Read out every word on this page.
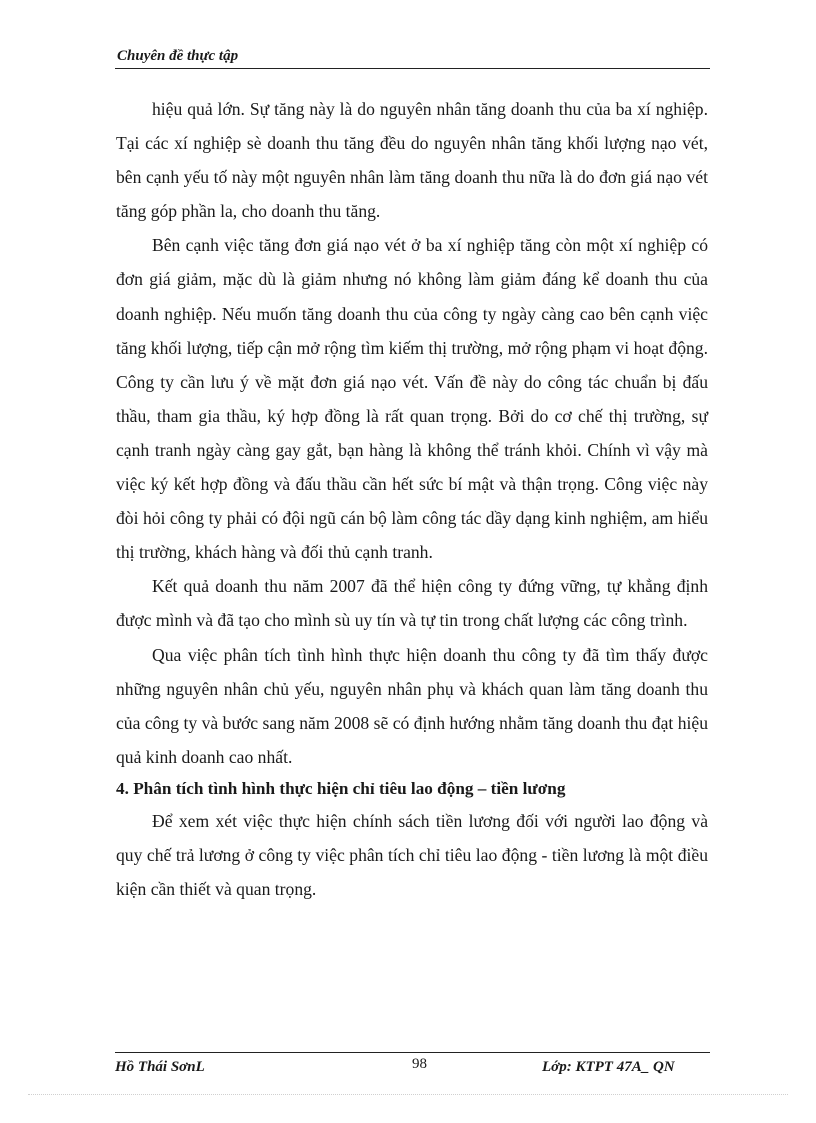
Chuyên đề thực tập

hiệu quả lớn. Sự tăng này là do nguyên nhân tăng doanh thu của ba xí nghiệp. Tại các xí nghiệp sè doanh thu tăng đều do nguyên nhân tăng khối lượng nạo vét, bên cạnh yếu tố này một nguyên nhân làm tăng doanh thu nữa là do đơn giá nạo vét tăng góp phần la, cho doanh thu tăng.

Bên cạnh việc tăng đơn giá nạo vét ở ba xí nghiệp tăng còn một xí nghiệp có đơn giá giảm, mặc dù là giảm nhưng nó không làm giảm đáng kể doanh thu của doanh nghiệp. Nếu muốn tăng doanh thu của công ty ngày càng cao bên cạnh việc tăng khối lượng, tiếp cận mở rộng tìm kiếm thị trường, mở rộng phạm vi hoạt động. Công ty cần lưu ý về mặt đơn giá nạo vét. Vấn đề này do công tác chuẩn bị đấu thầu, tham gia thầu, ký hợp đồng là rất quan trọng. Bởi do cơ chế thị trường, sự cạnh tranh ngày càng gay gắt, bạn hàng là không thể tránh khỏi. Chính vì vậy mà việc ký kết hợp đồng và đấu thầu cần hết sức bí mật và thận trọng. Công việc này đòi hỏi công ty phải có đội ngũ cán bộ làm công tác dầy dạng kinh nghiệm, am hiểu thị trường, khách hàng và đối thủ cạnh tranh.

Kết quả doanh thu năm 2007 đã thể hiện công ty đứng vững, tự khẳng định được mình và đã tạo cho mình sù uy tín và tự tin trong chất lượng các công trình.

Qua việc phân tích tình hình thực hiện doanh thu công ty đã tìm thấy được những nguyên nhân chủ yếu, nguyên nhân phụ và khách quan làm tăng doanh thu của công ty và bước sang năm 2008 sẽ có định hướng nhằm tăng doanh thu đạt hiệu quả kinh doanh cao nhất.

4. Phân tích tình hình thực hiện chỉ tiêu lao động – tiền lương

Để xem xét việc thực hiện chính sách tiền lương đối với người lao động và quy chế trả lương ở công ty việc phân tích chỉ tiêu lao động - tiền lương là một điều kiện cần thiết và quan trọng.

Hồ Thái SơnL	98	Lớp: KTPT 47A_ QN
